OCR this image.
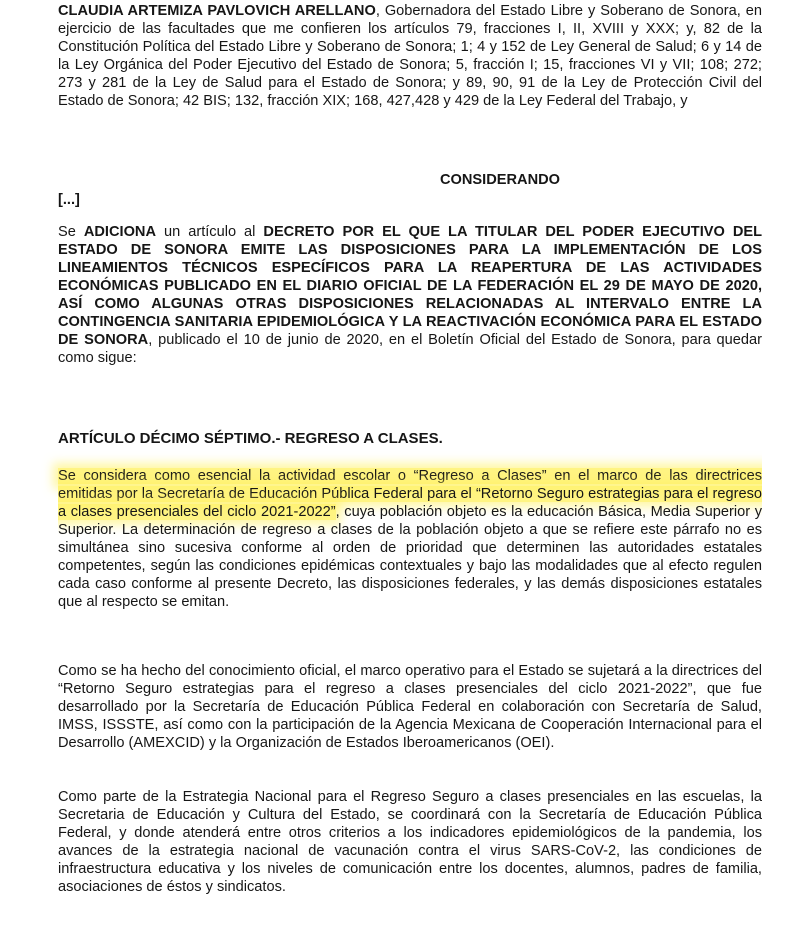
CLAUDIA ARTEMIZA PAVLOVICH ARELLANO, Gobernadora del Estado Libre y Soberano de Sonora, en ejercicio de las facultades que me confieren los artículos 79, fracciones I, II, XVIII y XXX; y, 82 de la Constitución Política del Estado Libre y Soberano de Sonora; 1; 4 y 152 de Ley General de Salud; 6 y 14 de la Ley Orgánica del Poder Ejecutivo del Estado de Sonora; 5, fracción I; 15, fracciones VI y VII; 108; 272; 273 y 281 de la Ley de Salud para el Estado de Sonora; y 89, 90, 91 de la Ley de Protección Civil del Estado de Sonora; 42 BIS; 132, fracción XIX; 168, 427,428 y 429 de la Ley Federal del Trabajo, y

CONSIDERANDO

[...]

Se ADICIONA un artículo al DECRETO POR EL QUE LA TITULAR DEL PODER EJECUTIVO DEL ESTADO DE SONORA EMITE LAS DISPOSICIONES PARA LA IMPLEMENTACIÓN DE LOS LINEAMIENTOS TÉCNICOS ESPECÍFICOS PARA LA REAPERTURA DE LAS ACTIVIDADES ECONÓMICAS PUBLICADO EN EL DIARIO OFICIAL DE LA FEDERACIÓN EL 29 DE MAYO DE 2020, ASÍ COMO ALGUNAS OTRAS DISPOSICIONES RELACIONADAS AL INTERVALO ENTRE LA CONTINGENCIA SANITARIA EPIDEMIOLÓGICA Y LA REACTIVACIÓN ECONÓMICA PARA EL ESTADO DE SONORA, publicado el 10 de junio de 2020, en el Boletín Oficial del Estado de Sonora, para quedar como sigue:

ARTÍCULO DÉCIMO SÉPTIMO.- REGRESO A CLASES.

Se considera como esencial la actividad escolar o “Regreso a Clases” en el marco de las directrices emitidas por la Secretaría de Educación Pública Federal para el “Retorno Seguro estrategias para el regreso a clases presenciales del ciclo 2021-2022”, cuya población objeto es la educación Básica, Media Superior y Superior. La determinación de regreso a clases de la población objeto a que se refiere este párrafo no es simultánea sino sucesiva conforme al orden de prioridad que determinen las autoridades estatales competentes, según las condiciones epidémicas contextuales y bajo las modalidades que al efecto regulen cada caso conforme al presente Decreto, las disposiciones federales, y las demás disposiciones estatales que al respecto se emitan.

Como se ha hecho del conocimiento oficial, el marco operativo para el Estado se sujetará a la directrices del “Retorno Seguro estrategias para el regreso a clases presenciales del ciclo 2021-2022”, que fue desarrollado por la Secretaría de Educación Pública Federal en colaboración con Secretaría de Salud, IMSS, ISSSTE, así como con la participación de la Agencia Mexicana de Cooperación Internacional para el Desarrollo (AMEXCID) y la Organización de Estados Iberoamericanos (OEI).

Como parte de la Estrategia Nacional para el Regreso Seguro a clases presenciales en las escuelas, la Secretaria de Educación y Cultura del Estado, se coordinará con la Secretaría de Educación Pública Federal, y donde atenderá entre otros criterios a los indicadores epidemiológicos de la pandemia, los avances de la estrategia nacional de vacunación contra el virus SARS-CoV-2, las condiciones de infraestructura educativa y los niveles de comunicación entre los docentes, alumnos, padres de familia, asociaciones de éstos y sindicatos.
